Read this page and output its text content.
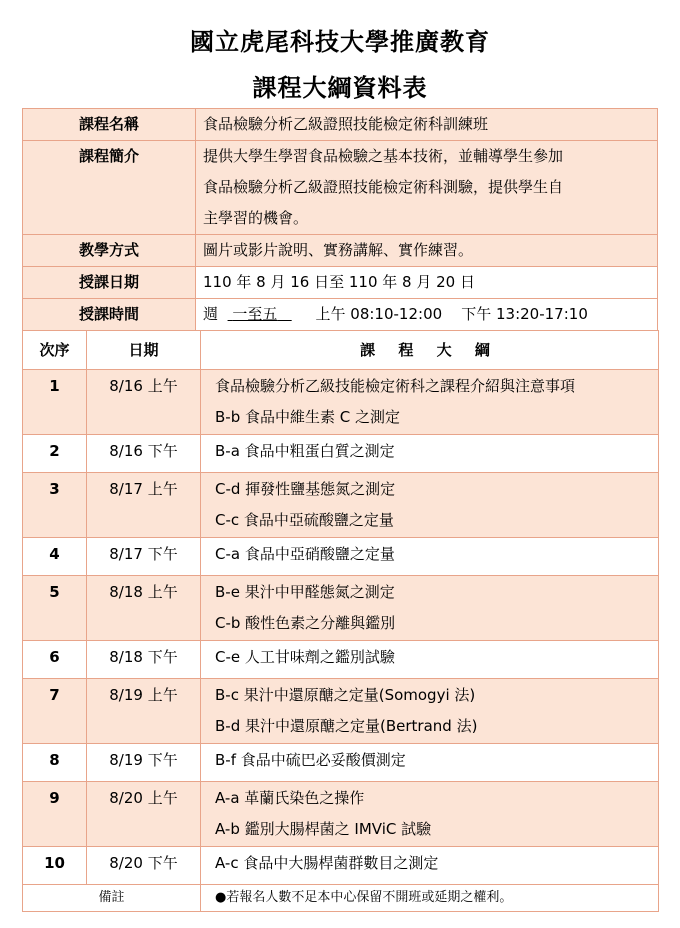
國立虎尾科技大學推廣教育
課程大綱資料表
課程名稱	食品檢驗分析乙級證照技能檢定術科訓練班
課程簡介	提供大學生學習食品檢驗之基本技術，並輔導學生參加
食品檢驗分析乙級證照技能檢定術科測驗，提供學生自
主學習的機會。

教學方式	圖片或影片說明、實務講解、實作練習。
授課日期	110 年 8 月 16 日至 110 年 8 月 20 日
授課時間	週 一至五 上午 08:10-12:00 下午 13:20-17:10
次序	日期	課 程 大 綱
1	8/16 上午	食品檢驗分析乙級技能檢定術科之課程介紹與注意事項
B-b 食品中維生素 C 之測定

2	8/16 下午	B-a 食品中粗蛋白質之測定

3	8/17 上午	C-d 揮發性鹽基態氮之測定
C-c 食品中亞硫酸鹽之定量

4	8/17 下午	C-a 食品中亞硝酸鹽之定量

5	8/18 上午	B-e 果汁中甲醛態氮之測定
C-b 酸性色素之分離與鑑別

6	8/18 下午	C-e 人工甘味劑之鑑別試驗

7	8/19 上午	B-c 果汁中還原醣之定量(Somogyi 法)
B-d 果汁中還原醣之定量(Bertrand 法)

8	8/19 下午	B-f 食品中硫巴必妥酸價測定

9	8/20 上午	A-a 革蘭氏染色之操作
A-b 鑑別大腸桿菌之 IMViC 試驗

10	8/20 下午	A-c 食品中大腸桿菌群數目之測定

備註		●若報名人數不足本中心保留不開班或延期之權利。
